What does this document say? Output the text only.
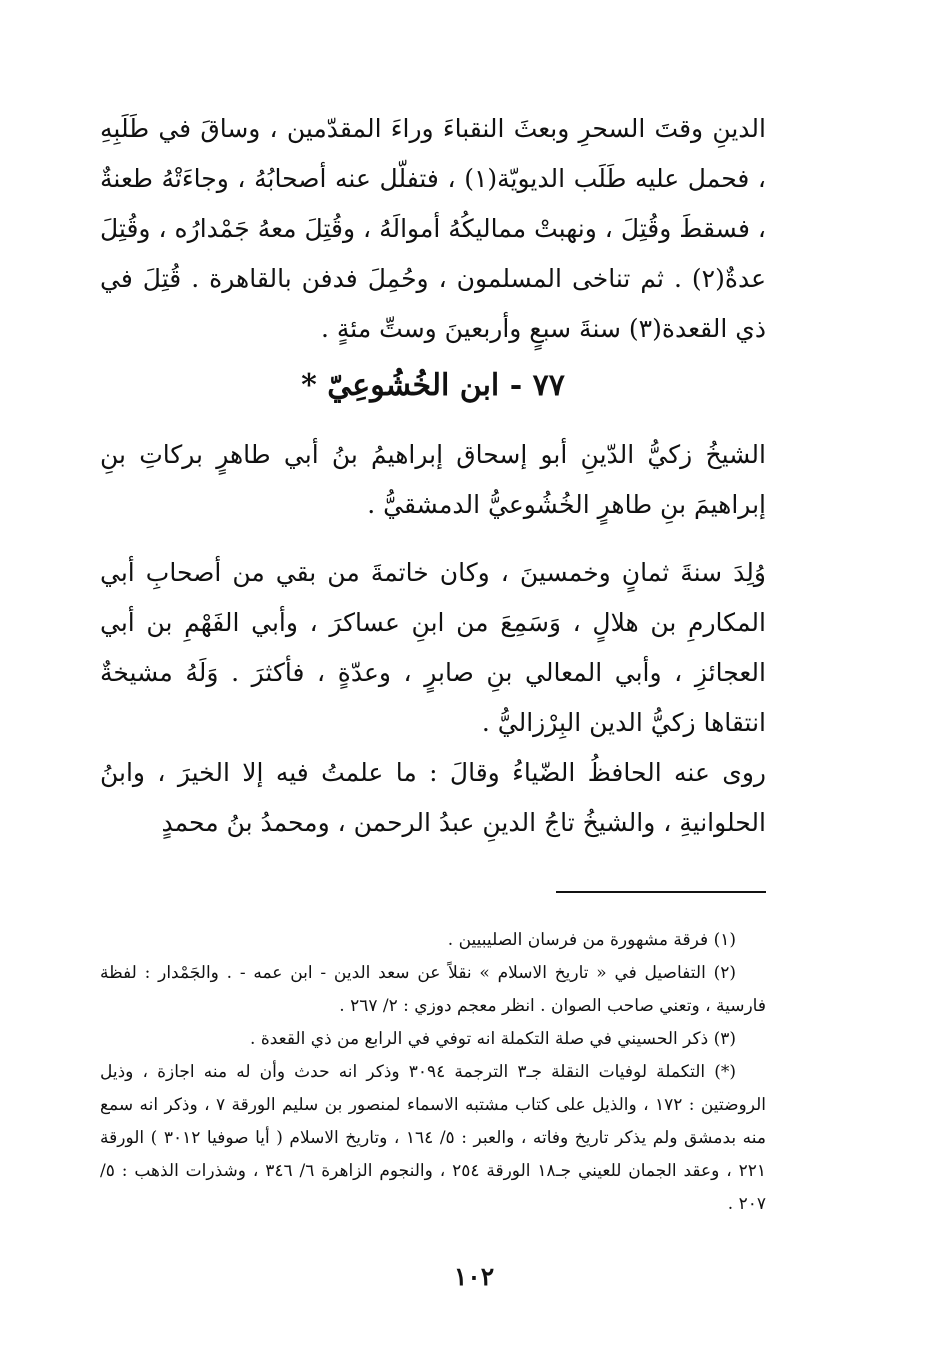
الدينِ وقتَ السحرِ وبعثَ النقباءَ وراءَ المقدّمين ، وساقَ في طَلَبِهِ ، فحمل عليه طَلَب الديويّة(١) ، فتفلّل عنه أصحابُهُ ، وجاءَتْهُ طعنةٌ ، فسقطَ وقُتِلَ ، ونهبتْ مماليكُهُ أموالَهُ ، وقُتِلَ معهُ جَمْدارُه ، وقُتِلَ عدةٌ(٢) . ثم تناخى المسلمون ، وحُمِلَ فدفن بالقاهرة . قُتِلَ في ذي القعدة(٣) سنةَ سبعٍ وأربعينَ وستِّ مئةٍ .

٧٧ - ابن الخُشُوعِيّ *

الشيخُ زكيُّ الدّينِ أبو إسحاق إبراهيمُ بنُ أبي طاهرٍ بركاتِ بنِ إبراهيمَ بنِ طاهرٍ الخُشُوعيُّ الدمشقيُّ .

وُلِدَ سنةَ ثمانٍ وخمسينَ ، وكان خاتمةَ من بقي من أصحابِ أبي المكارمِ بن هلالٍ ، وَسَمِعَ من ابنِ عساكرَ ، وأبي الفَهْمِ بن أبي العجائزِ ، وأبي المعالي بنِ صابرٍ ، وعدّةٍ ، فأكثرَ . وَلَهُ مشيخةٌ انتقاها زكيُّ الدين البِرْزاليُّ .

روى عنه الحافظُ الضّياءُ وقالَ : ما علمتُ فيه إلا الخيرَ ، وابنُ الحلوانيةِ ، والشيخُ تاجُ الدينِ عبدُ الرحمن ، ومحمدُ بنُ محمدٍ

(١) فرقة مشهورة من فرسان الصليبيين .

(٢) التفاصيل في « تاريخ الاسلام » نقلاً عن سعد الدين - ابن عمه - . والجَمْدار : لفظة فارسية ، وتعني صاحب الصوان . انظر معجم دوزي : ٢/ ٢٦٧ .

(٣) ذكر الحسيني في صلة التكملة انه توفي في الرابع من ذي القعدة .

(*) التكملة لوفيات النقلة جـ٣ الترجمة ٣٠٩٤ وذكر انه حدث وأن له منه اجازة ، وذيل الروضتين : ١٧٢ ، والذيل على كتاب مشتبه الاسماء لمنصور بن سليم الورقة ٧ ، وذكر انه سمع منه بدمشق ولم يذكر تاريخ وفاته ، والعبر : ٥/ ١٦٤ ، وتاريخ الاسلام ( أيا صوفيا ٣٠١٢ ) الورقة ٢٢١ ، وعقد الجمان للعيني جـ١٨ الورقة ٢٥٤ ، والنجوم الزاهرة ٦/ ٣٤٦ ، وشذرات الذهب : ٥/ ٢٠٧ .

١٠٢
